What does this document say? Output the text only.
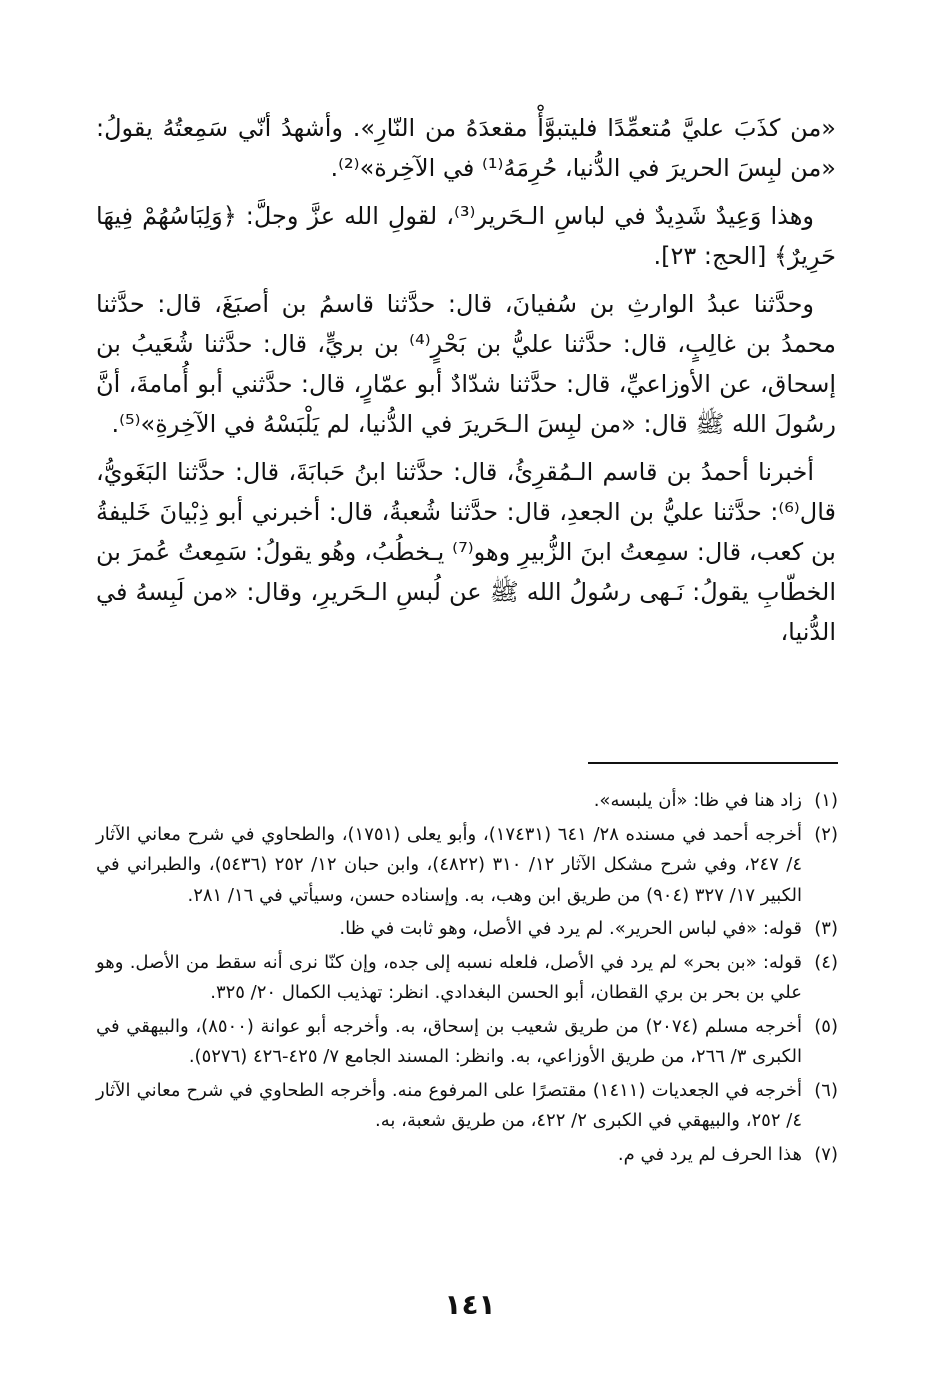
«من كذَبَ عليَّ مُتعمِّدًا فليتبوَّأْ مقعدَهُ من النّارِ». وأشهدُ أنّي سَمِعتُهُ يقولُ: «من لبِسَ الحريرَ في الدُّنيا، حُرِمَهُ⁽¹⁾ في الآخِرة»⁽²⁾.

وهذا وَعِيدٌ شَدِيدٌ في لباسِ الـحَرير⁽³⁾، لقولِ الله عزَّ وجلَّ: ﴿وَلِبَاسُهُمْ فِيهَا حَرِيرٌ﴾ [الحج: ٢٣].

وحدَّثنا عبدُ الوارثِ بن سُفيانَ، قال: حدَّثنا قاسمُ بن أصبَغَ، قال: حدَّثنا محمدُ بن غالِبٍ، قال: حدَّثنا عليُّ بن بَحْرٍ⁽⁴⁾ بن بريٍّ، قال: حدَّثنا شُعَيبُ بن إسحاق، عن الأوزاعيِّ، قال: حدَّثنا شدّادٌ أبو عمّارٍ، قال: حدَّثني أبو أُمامةَ، أنَّ رسُولَ الله ﷺ قال: «من لبِسَ الـحَريرَ في الدُّنيا، لم يَلْبَسْهُ في الآخِرةِ»⁽⁵⁾.

أخبرنا أحمدُ بن قاسم الـمُقرِئُ، قال: حدَّثنا ابنُ حَبابَةَ، قال: حدَّثنا البَغَويُّ، قال⁽⁶⁾: حدَّثنا عليُّ بن الجعدِ، قال: حدَّثنا شُعبةُ، قال: أخبرني أبو ذِبْيانَ خَليفةُ بن كعب، قال: سمِعتُ ابنَ الزُّبيرِ وهو⁽⁷⁾ يـخطُبُ، وهُو يقولُ: سَمِعتُ عُمرَ بن الخطّابِ يقولُ: نَـهى رسُولُ الله ﷺ عن لُبسِ الـحَريرِ، وقال: «من لَبِسهُ في الدُّنيا،

(١)
زاد هنا في ظا: «أن يلبسه».
(٢)
أخرجه أحمد في مسنده ٢٨/ ٦٤١ (١٧٤٣١)، وأبو يعلى (١٧٥١)، والطحاوي في شرح معاني الآثار ٤/ ٢٤٧، وفي شرح مشكل الآثار ١٢/ ٣١٠ (٤٨٢٢)، وابن حبان ١٢/ ٢٥٢ (٥٤٣٦)، والطبراني في الكبير ١٧/ ٣٢٧ (٩٠٤) من طريق ابن وهب، به. وإسناده حسن، وسيأتي في ١٦/ ٢٨١.
(٣)
قوله: «في لباس الحرير». لم يرد في الأصل، وهو ثابت في ظا.
(٤)
قوله: «بن بحر» لم يرد في الأصل، فلعله نسبه إلى جده، وإن كنّا نرى أنه سقط من الأصل. وهو علي بن بحر بن بري القطان، أبو الحسن البغدادي. انظر: تهذيب الكمال ٢٠/ ٣٢٥.
(٥)
أخرجه مسلم (٢٠٧٤) من طريق شعيب بن إسحاق، به. وأخرجه أبو عوانة (٨٥٠٠)، والبيهقي في الكبرى ٣/ ٢٦٦، من طريق الأوزاعي، به. وانظر: المسند الجامع ٧/ ٤٢٥-٤٢٦ (٥٢٧٦).
(٦)
أخرجه في الجعديات (١٤١١) مقتصرًا على المرفوع منه. وأخرجه الطحاوي في شرح معاني الآثار ٤/ ٢٥٢، والبيهقي في الكبرى ٢/ ٤٢٢، من طريق شعبة، به.
(٧)
هذا الحرف لم يرد في م.
١٤١
